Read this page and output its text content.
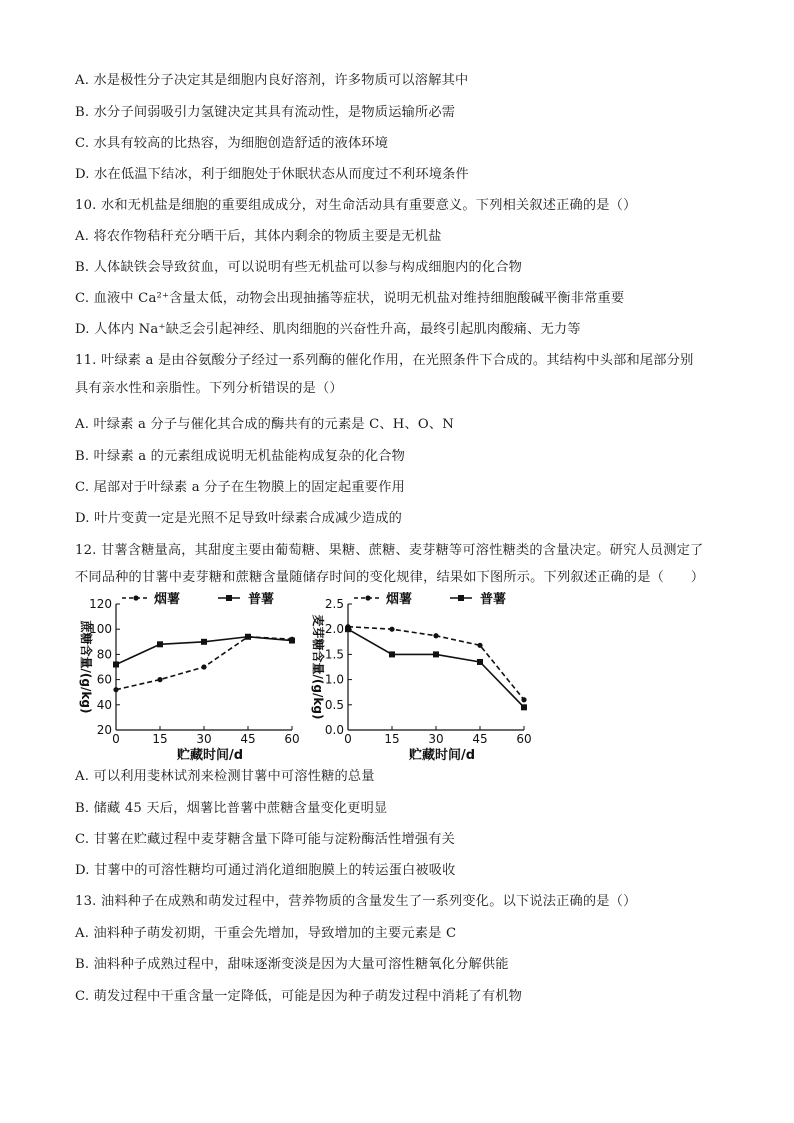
A. 水是极性分子决定其是细胞内良好溶剂，许多物质可以溶解其中
B. 水分子间弱吸引力氢键决定其具有流动性，是物质运输所必需
C. 水具有较高的比热容，为细胞创造舒适的液体环境
D. 水在低温下结冰，利于细胞处于休眠状态从而度过不利环境条件
10. 水和无机盐是细胞的重要组成成分，对生命活动具有重要意义。下列相关叙述正确的是（）
A. 将农作物秸秆充分晒干后，其体内剩余的物质主要是无机盐
B. 人体缺铁会导致贫血，可以说明有些无机盐可以参与构成细胞内的化合物
C. 血液中 Ca²⁺含量太低，动物会出现抽搐等症状，说明无机盐对维持细胞酸碱平衡非常重要
D. 人体内 Na⁺缺乏会引起神经、肌肉细胞的兴奋性升高，最终引起肌肉酸痛、无力等
11. 叶绿素 a 是由谷氨酸分子经过一系列酶的催化作用，在光照条件下合成的。其结构中头部和尾部分别
具有亲水性和亲脂性。下列分析错误的是（）
A. 叶绿素 a 分子与催化其合成的酶共有的元素是 C、H、O、N
B. 叶绿素 a 的元素组成说明无机盐能构成复杂的化合物
C. 尾部对于叶绿素 a 分子在生物膜上的固定起重要作用
D. 叶片变黄一定是光照不足导致叶绿素合成减少造成的
12. 甘薯含糖量高，其甜度主要由葡萄糖、果糖、蔗糖、麦芽糖等可溶性糖类的含量决定。研究人员测定了
不同品种的甘薯中麦芽糖和蔗糖含量随储存时间的变化规律，结果如下图所示。下列叙述正确的是（　　）
A. 可以利用斐林试剂来检测甘薯中可溶性糖的总量
B. 储藏 45 天后，烟薯比普薯中蔗糖含量变化更明显
C. 甘薯在贮藏过程中麦芽糖含量下降可能与淀粉酶活性增强有关
D. 甘薯中的可溶性糖均可通过消化道细胞膜上的转运蛋白被吸收
13. 油料种子在成熟和萌发过程中，营养物质的含量发生了一系列变化。以下说法正确的是（）
A. 油料种子萌发初期，干重会先增加，导致增加的主要元素是 C
B. 油料种子成熟过程中，甜味逐渐变淡是因为大量可溶性糖氧化分解供能
C. 萌发过程中干重含量一定降低，可能是因为种子萌发过程中消耗了有机物
20
40
60
80
100
120
0	15 30 45 60
贮藏时间/d
蔗糖含量/(g/kg)
烟薯	普薯
0.0
0.5
1.0
1.5
2.0
2.5
0	15 30 45 60
贮藏时间/d
麦芽糖含量/(g/kg)
烟薯	普薯
